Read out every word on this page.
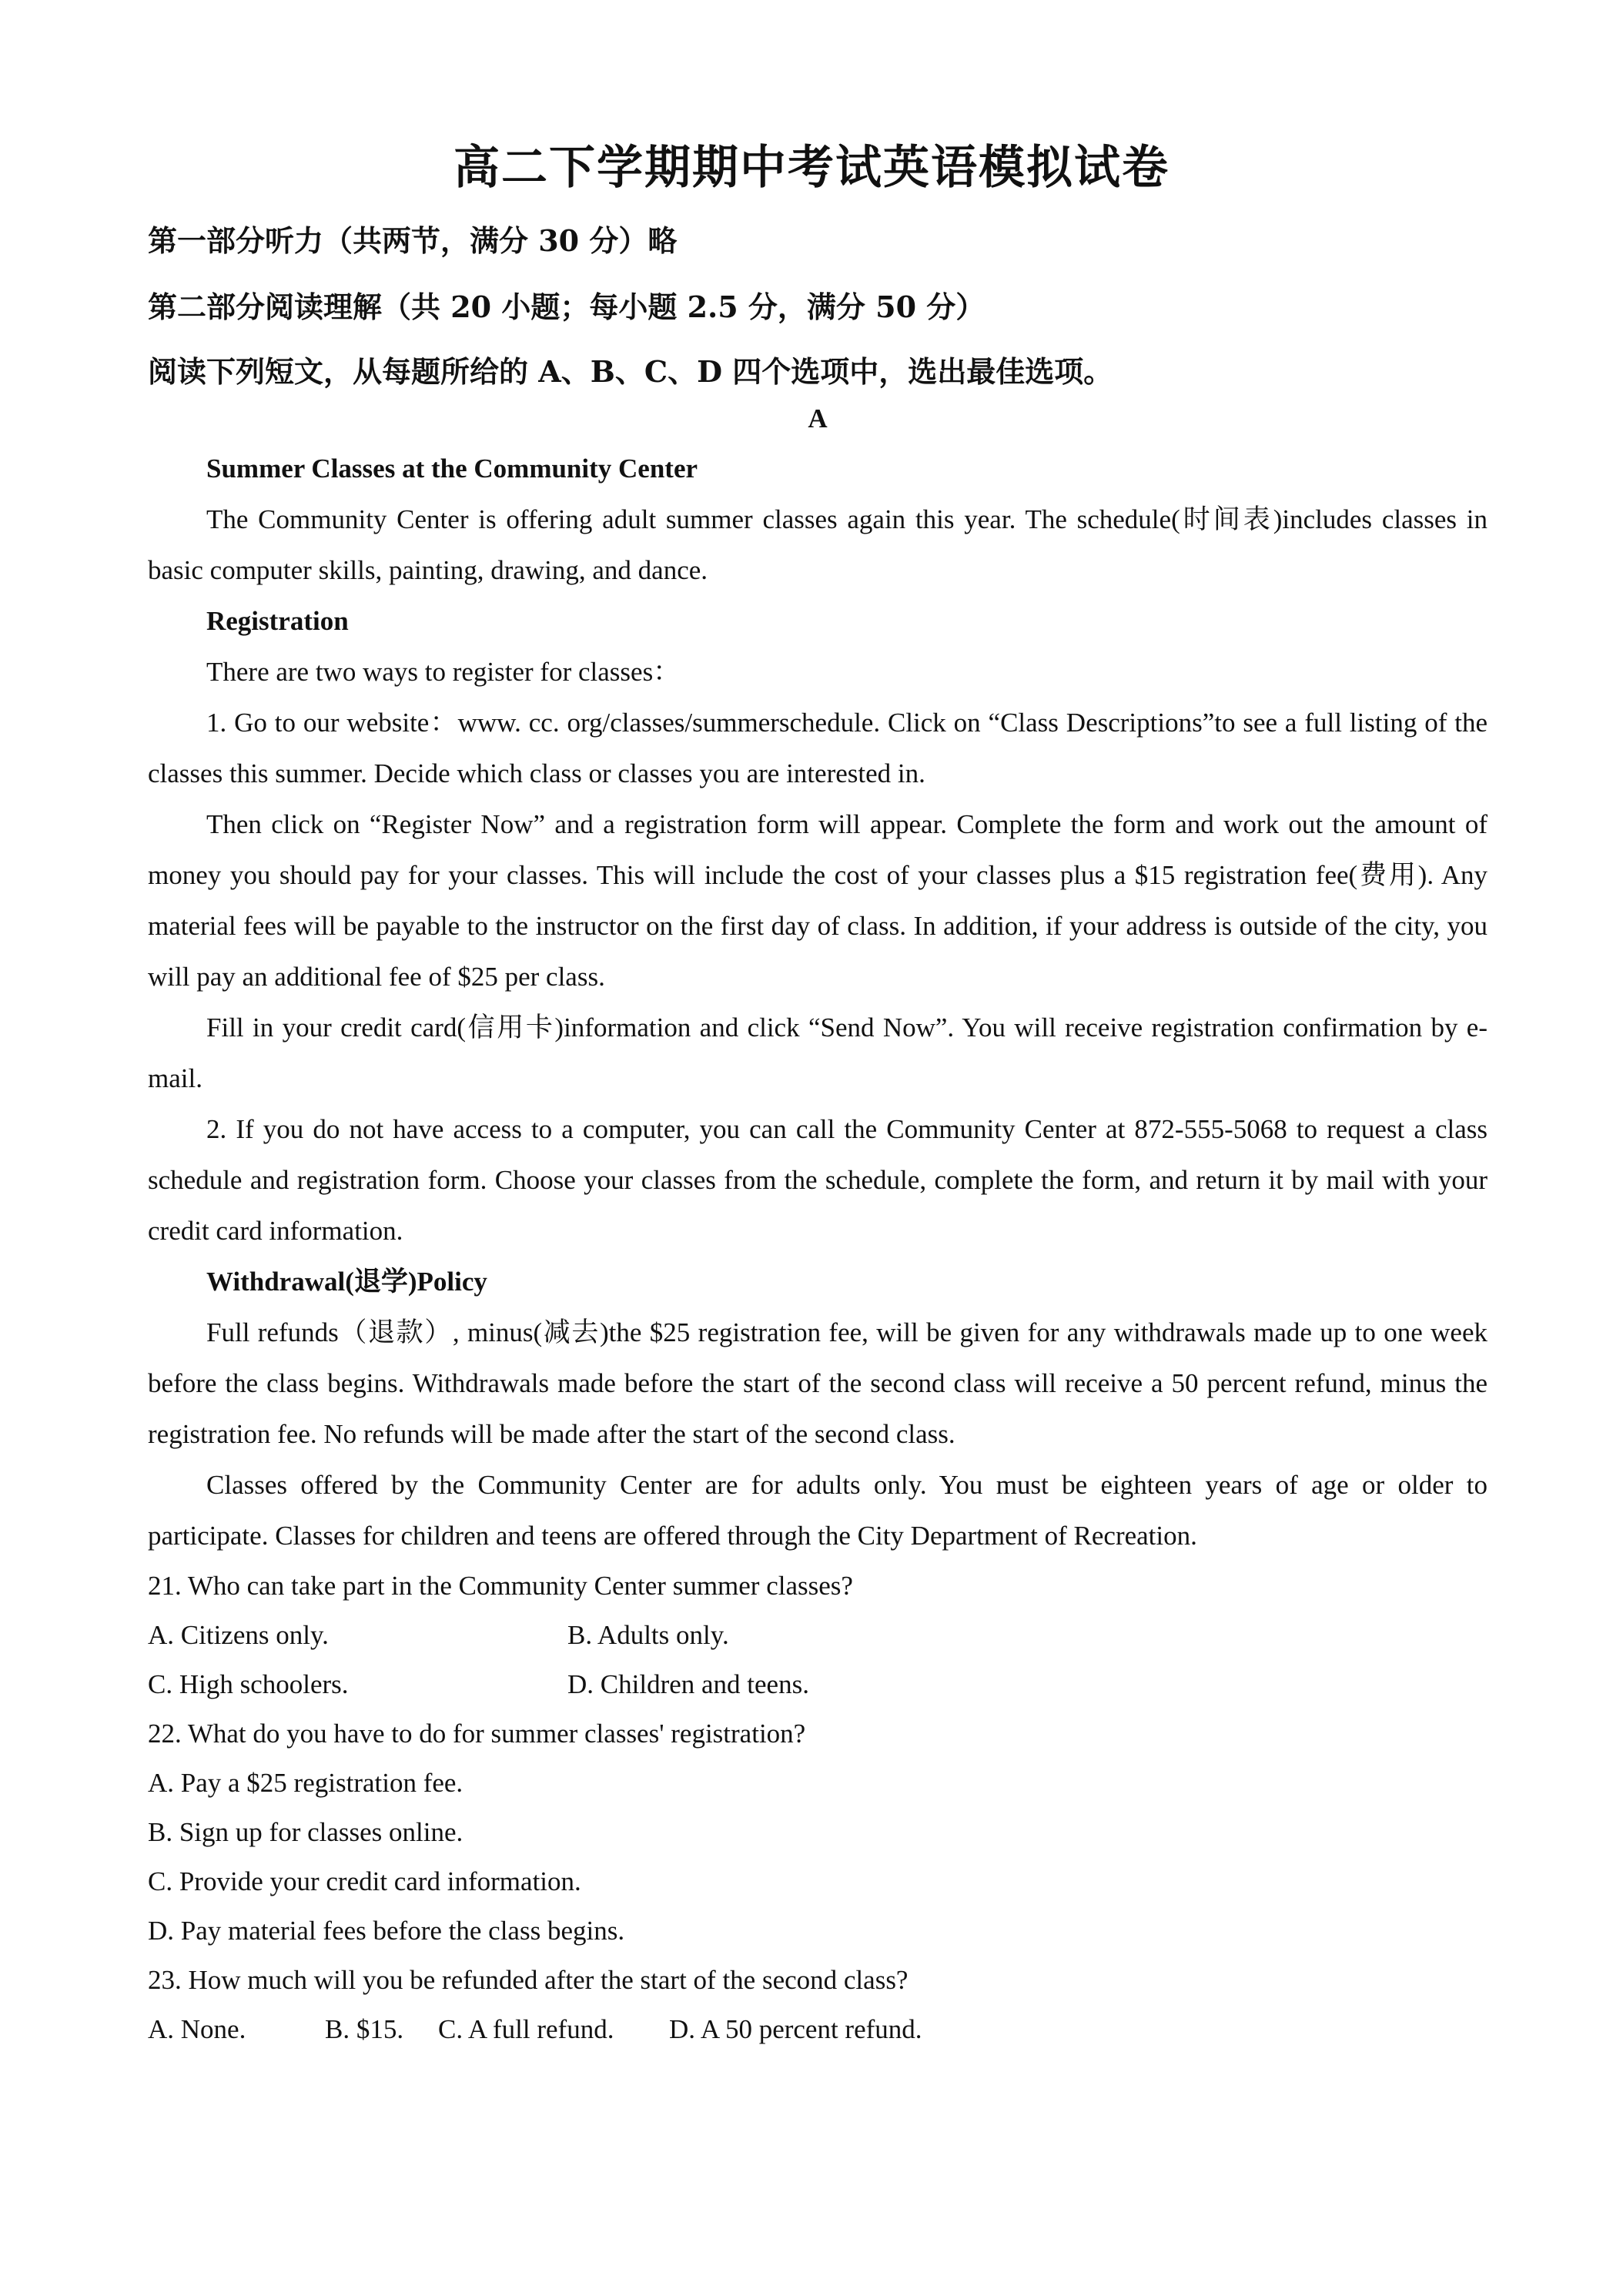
高二下学期期中考试英语模拟试卷
第一部分听力（共两节，满分 30 分）略
第二部分阅读理解（共 20 小题；每小题 2.5 分，满分 50 分）
阅读下列短文，从每题所给的 A、B、C、D 四个选项中，选出最佳选项。
A
Summer Classes at the Community Center
The Community Center is offering adult summer classes again this year. The schedule(时间表)includes classes in basic computer skills, painting, drawing, and dance.
Registration
There are two ways to register for classes：
1. Go to our website：www. cc. org/classes/summerschedule. Click on “Class Descriptions”to see a full listing of the classes this summer. Decide which class or classes you are interested in.
Then click on “Register Now” and a registration form will appear. Complete the form and work out the amount of money you should pay for your classes. This will include the cost of your classes plus a $15 registration fee(费用). Any material fees will be payable to the instructor on the first day of class. In addition, if your address is outside of the city, you will pay an additional fee of $25 per class.
Fill in your credit card(信用卡)information and click “Send Now”. You will receive registration confirmation by e-mail.
2. If you do not have access to a computer, you can call the Community Center at 872-555-5068 to request a class schedule and registration form. Choose your classes from the schedule, complete the form, and return it by mail with your credit card information.
Withdrawal(退学)Policy
Full refunds（退款）, minus(减去)the $25 registration fee, will be given for any withdrawals made up to one week before the class begins. Withdrawals made before the start of the second class will receive a 50 percent refund, minus the registration fee. No refunds will be made after the start of the second class.
Classes offered by the Community Center are for adults only. You must be eighteen years of age or older to participate. Classes for children and teens are offered through the City Department of Recreation.
21. Who can take part in the Community Center summer classes?
A. Citizens only.	B. Adults only.
C. High schoolers.	D. Children and teens.
22. What do you have to do for summer classes' registration?
A. Pay a $25 registration fee.
B. Sign up for classes online.
C. Provide your credit card information.
D. Pay material fees before the class begins.
23. How much will you be refunded after the start of the second class?
A. None.	B. $15. C. A full refund. D. A 50 percent refund.
